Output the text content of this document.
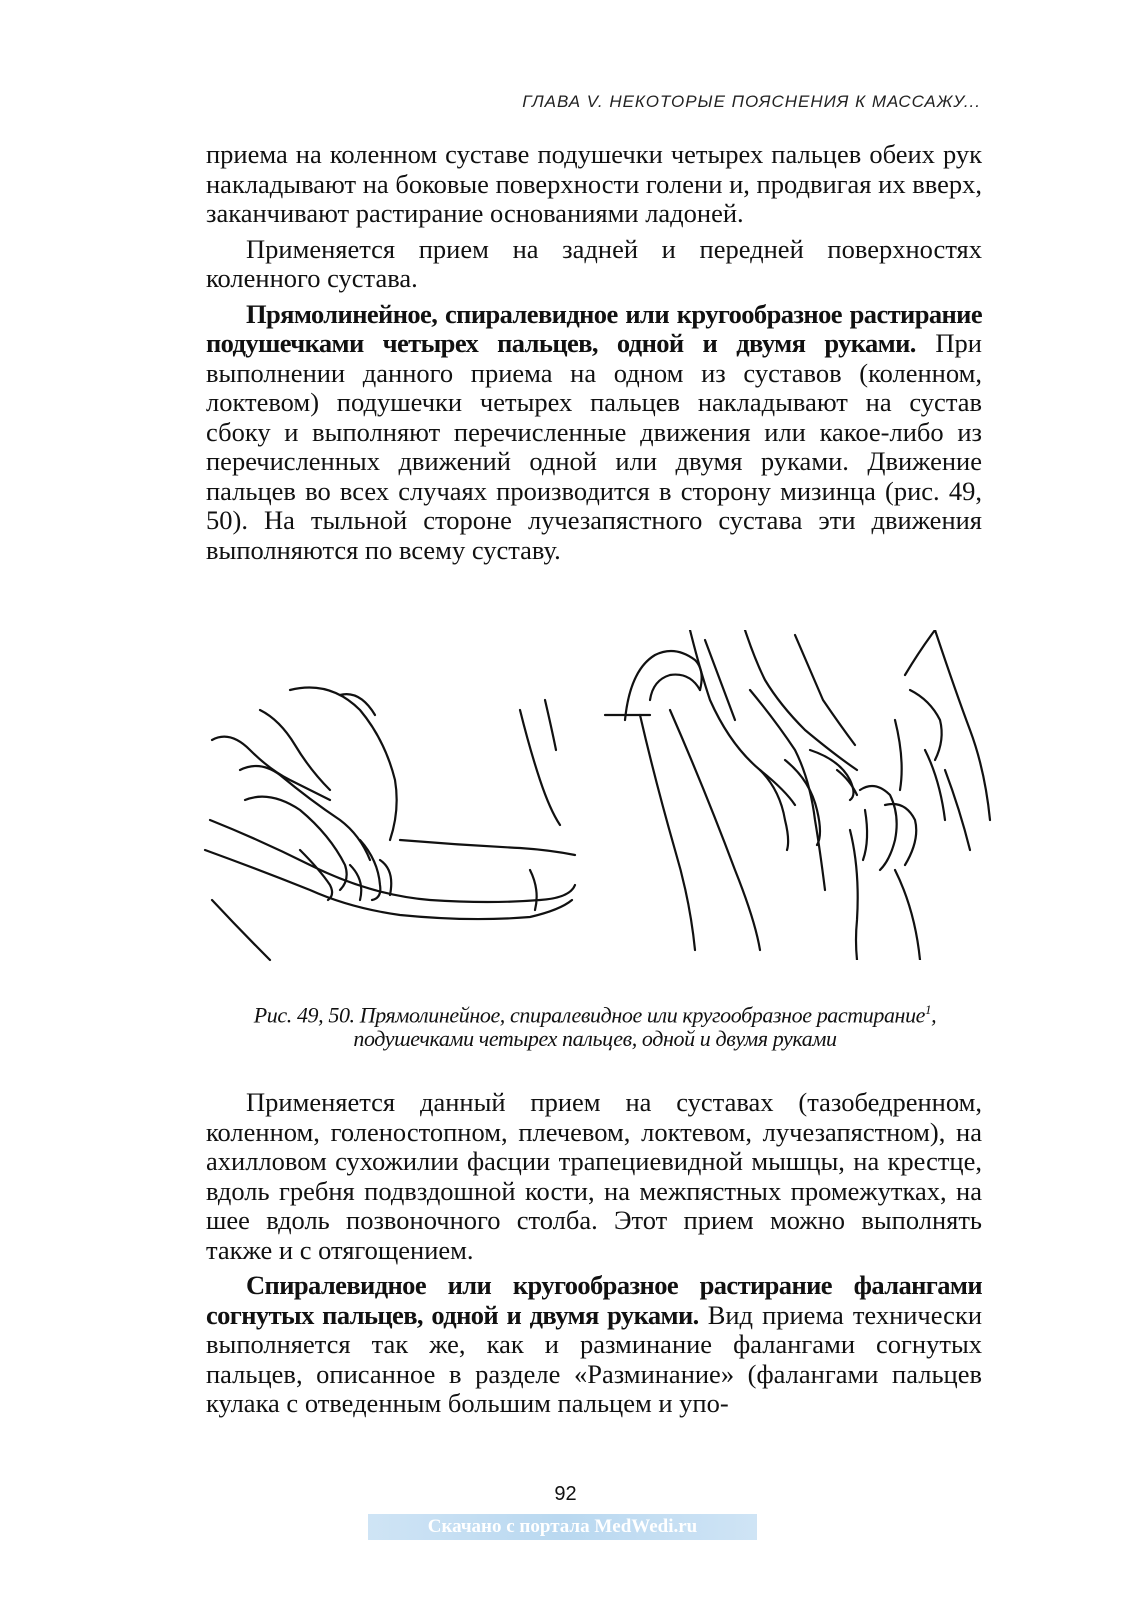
ГЛАВА V. НЕКОТОРЫЕ ПОЯСНЕНИЯ К МАССАЖУ...

приема на коленном суставе подушечки четырех пальцев обеих рук накладывают на боковые поверхности голени и, продвигая их вверх, заканчивают растирание основаниями ладоней.

Применяется прием на задней и передней поверхностях коленного сустава.

Прямолинейное, спиралевидное или кругообразное растирание подушечками четырех пальцев, одной и двумя руками. При выполнении данного приема на одном из суставов (коленном, локтевом) подушечки четырех пальцев накладывают на сустав сбоку и выполняют перечисленные движения или какое-либо из перечисленных движений одной или двумя руками. Движение пальцев во всех случаях производится в сторону мизинца (рис. 49, 50). На тыльной стороне лучезапястного сустава эти движения выполняются по всему суставу.

Рис. 49, 50. Прямолинейное, спиралевидное или кругообразное растирание$^1$,
подушечками четырех пальцев, одной и двумя руками

Применяется данный прием на суставах (тазобедренном, коленном, голеностопном, плечевом, локтевом, лучезапястном), на ахилловом сухожилии фасции трапециевидной мышцы, на крестце, вдоль гребня подвздошной кости, на межпястных промежутках, на шее вдоль позвоночного столба. Этот прием можно выполнять также и с отягощением.

Спиралевидное или кругообразное растирание фалангами согнутых пальцев, одной и двумя руками. Вид приема технически выполняется так же, как и разминание фалангами согнутых пальцев, описанное в разделе «Разминание» (фалангами пальцев кулака с отведенным большим пальцем и упо-

92
Скачано с портала MedWedi.ru
